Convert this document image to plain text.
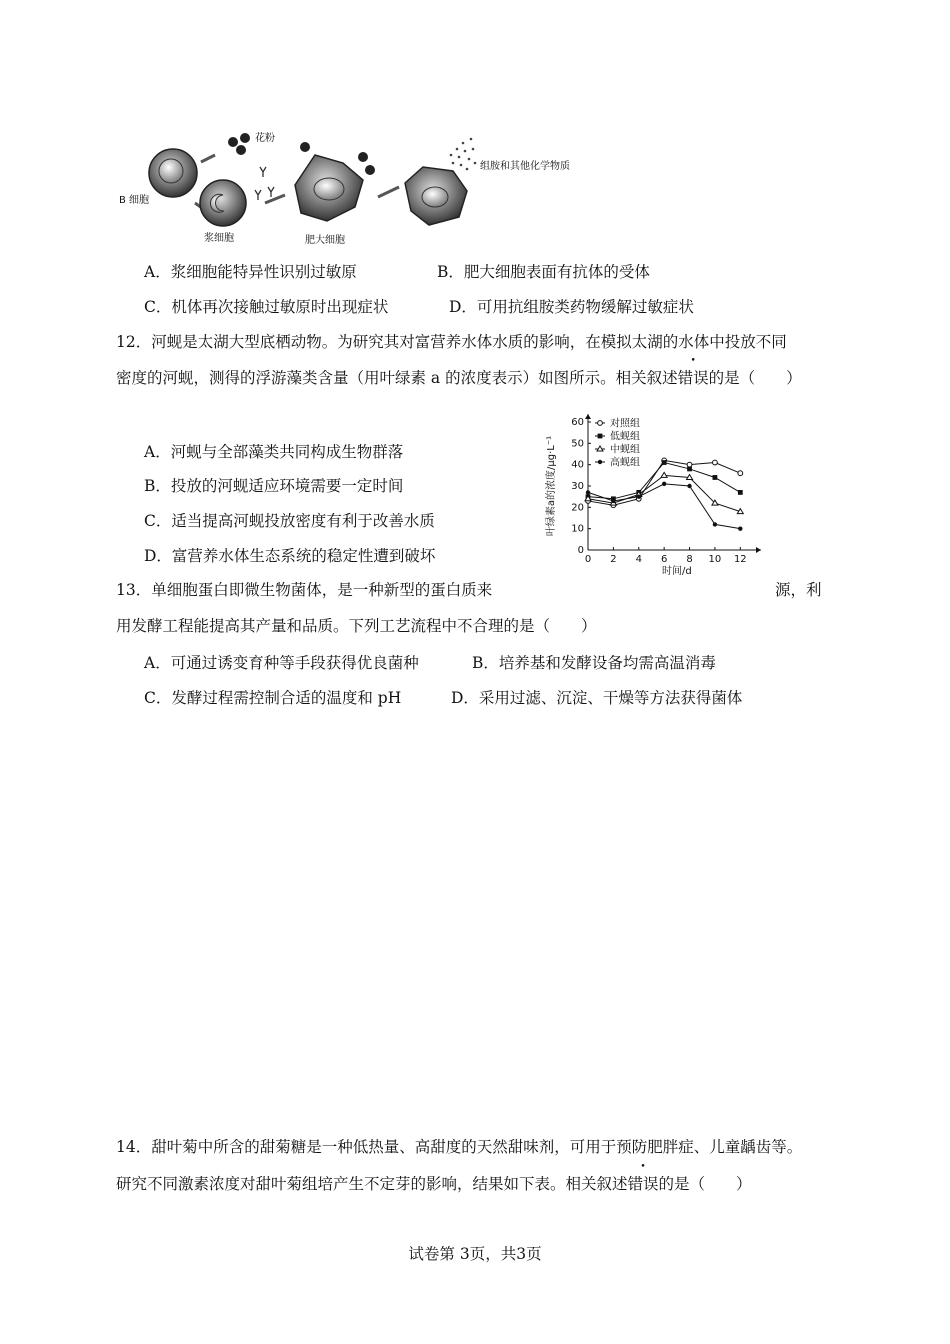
B 细胞
花粉
浆细胞	肥大细胞
组胺和其他化学物质
A．浆细胞能特异性识别过敏原	B．肥大细胞表面有抗体的受体
C．机体再次接触过敏原时出现症状	D．可用抗组胺类药物缓解过敏症状
12．河蚬是太湖大型底栖动物。为研究其对富营养水体水质的影响，在模拟太湖的水体中投放不同
密度的河蚬，测得的浮游藻类含量（用叶绿素 a 的浓度表示）如图所示。相关叙述错误的是（　　）
A．河蚬与全部藻类共同构成生物群落
B．投放的河蚬适应环境需要一定时间
C．适当提高河蚬投放密度有利于改善水质
D．富营养水体生态系统的稳定性遭到破坏	0
10
20
30
40
50
60
0 2 4 6 8 10 12
时间/d
叶绿素a的浓度/μg·L⁻¹
对照组
低蚬组
中蚬组
高蚬组
13．单细胞蛋白即微生物菌体，是一种新型的蛋白质来	源，利
用发酵工程能提高其产量和品质。下列工艺流程中不合理的是（　　）
A．可通过诱变育种等手段获得优良菌种	B．培养基和发酵设备均需高温消毒
C．发酵过程需控制合适的温度和 pH	D．采用过滤、沉淀、干燥等方法获得菌体
14．甜叶菊中所含的甜菊糖是一种低热量、高甜度的天然甜味剂，可用于预防肥胖症、儿童龋齿等。
研究不同激素浓度对甜叶菊组培产生不定芽的影响，结果如下表。相关叙述错误的是（　　）
试卷第 3页，共3页
